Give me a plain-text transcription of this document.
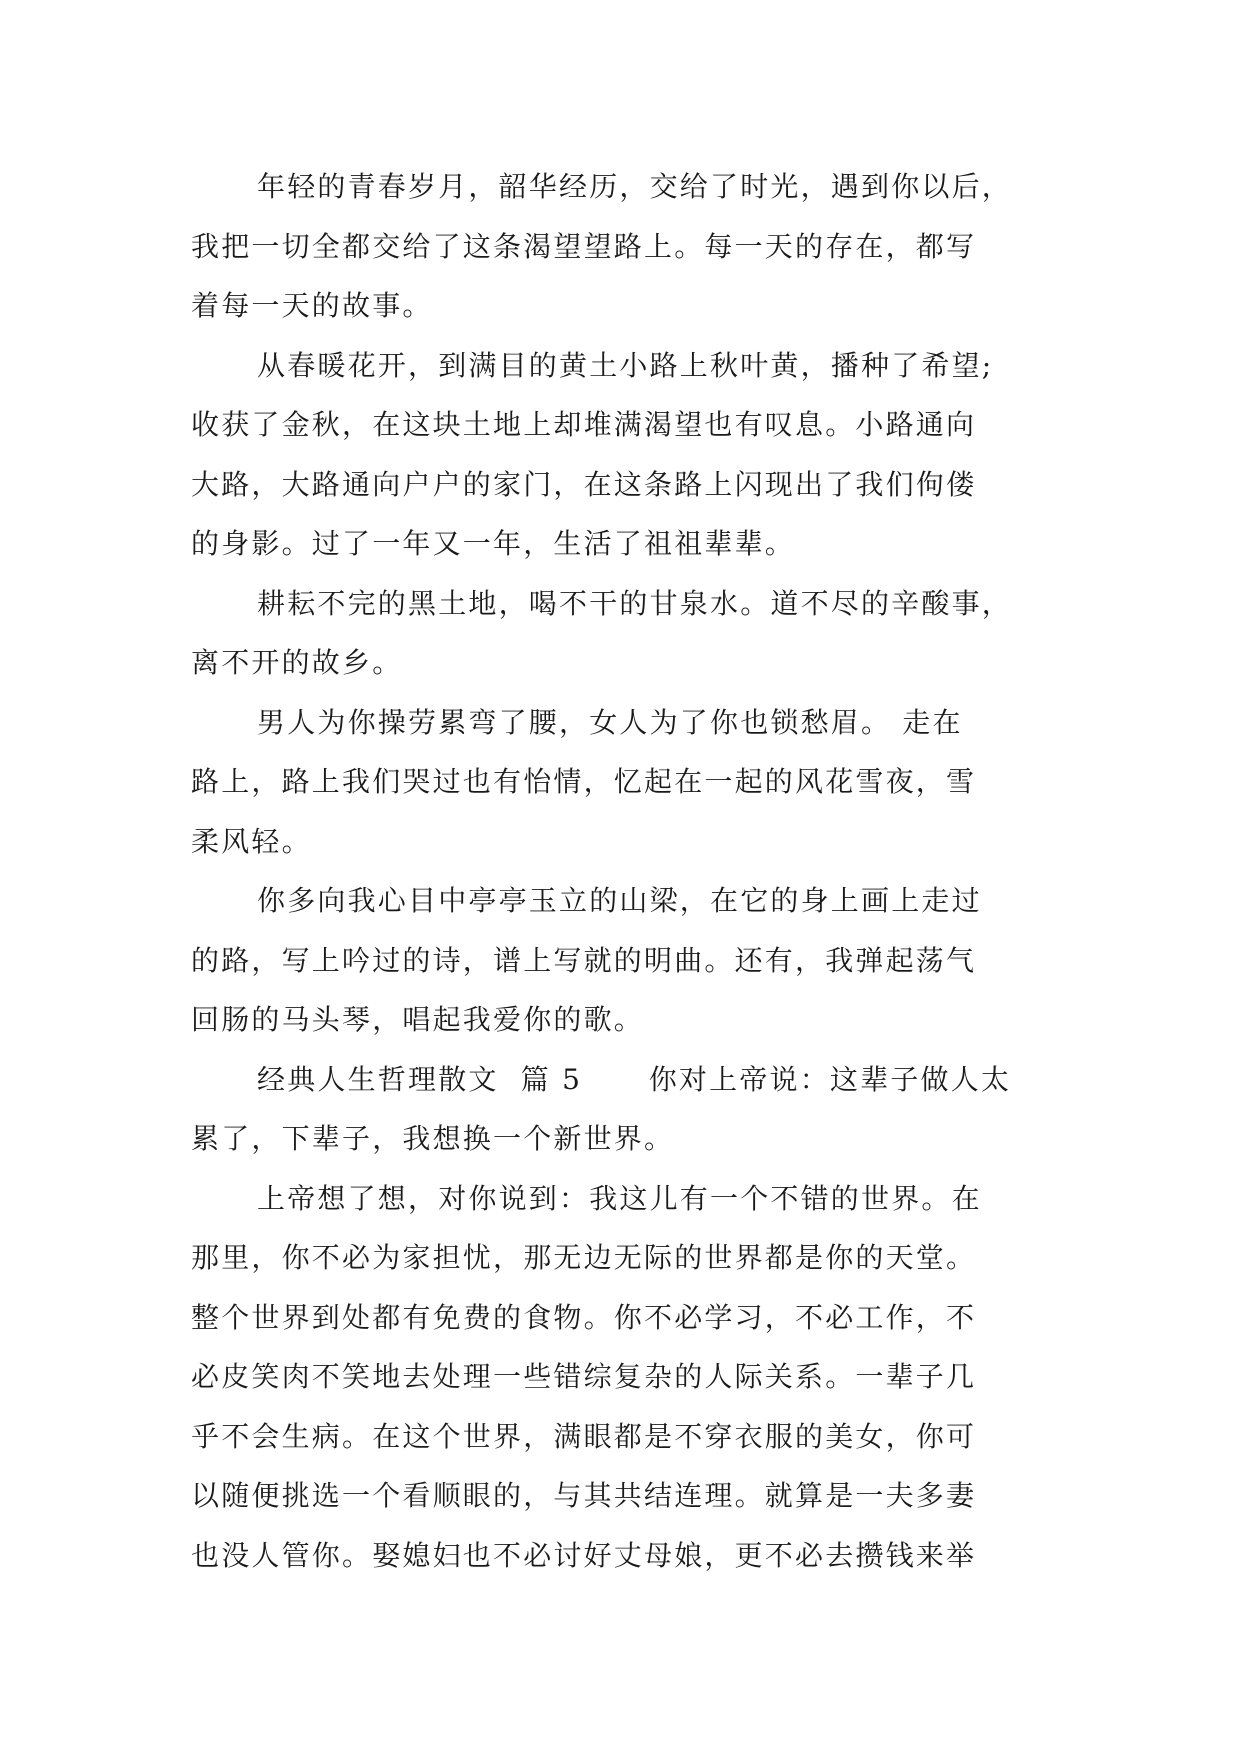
年轻的青春岁月，韶华经历，交给了时光，遇到你以后，
我把一切全都交给了这条渴望望路上。每一天的存在，都写
着每一天的故事。
从春暖花开，到满目的黄土小路上秋叶黄，播种了希望;
收获了金秋，在这块土地上却堆满渴望也有叹息。小路通向
大路，大路通向户户的家门，在这条路上闪现出了我们佝偻
的身影。过了一年又一年，生活了祖祖辈辈。
耕耘不完的黑土地，喝不干的甘泉水。道不尽的辛酸事，
离不开的故乡。
男人为你操劳累弯了腰，女人为了你也锁愁眉。 走在
路上，路上我们哭过也有怡情，忆起在一起的风花雪夜，雪
柔风轻。
你多向我心目中亭亭玉立的山梁，在它的身上画上走过
的路，写上吟过的诗，谱上写就的明曲。还有，我弹起荡气
回肠的马头琴，唱起我爱你的歌。
经典人生哲理散文  篇 5      你对上帝说：这辈子做人太
累了，下辈子，我想换一个新世界。
上帝想了想，对你说到：我这儿有一个不错的世界。在
那里，你不必为家担忧，那无边无际的世界都是你的天堂。
整个世界到处都有免费的食物。你不必学习，不必工作，不
必皮笑肉不笑地去处理一些错综复杂的人际关系。一辈子几
乎不会生病。在这个世界，满眼都是不穿衣服的美女，你可
以随便挑选一个看顺眼的，与其共结连理。就算是一夫多妻
也没人管你。娶媳妇也不必讨好丈母娘，更不必去攒钱来举
